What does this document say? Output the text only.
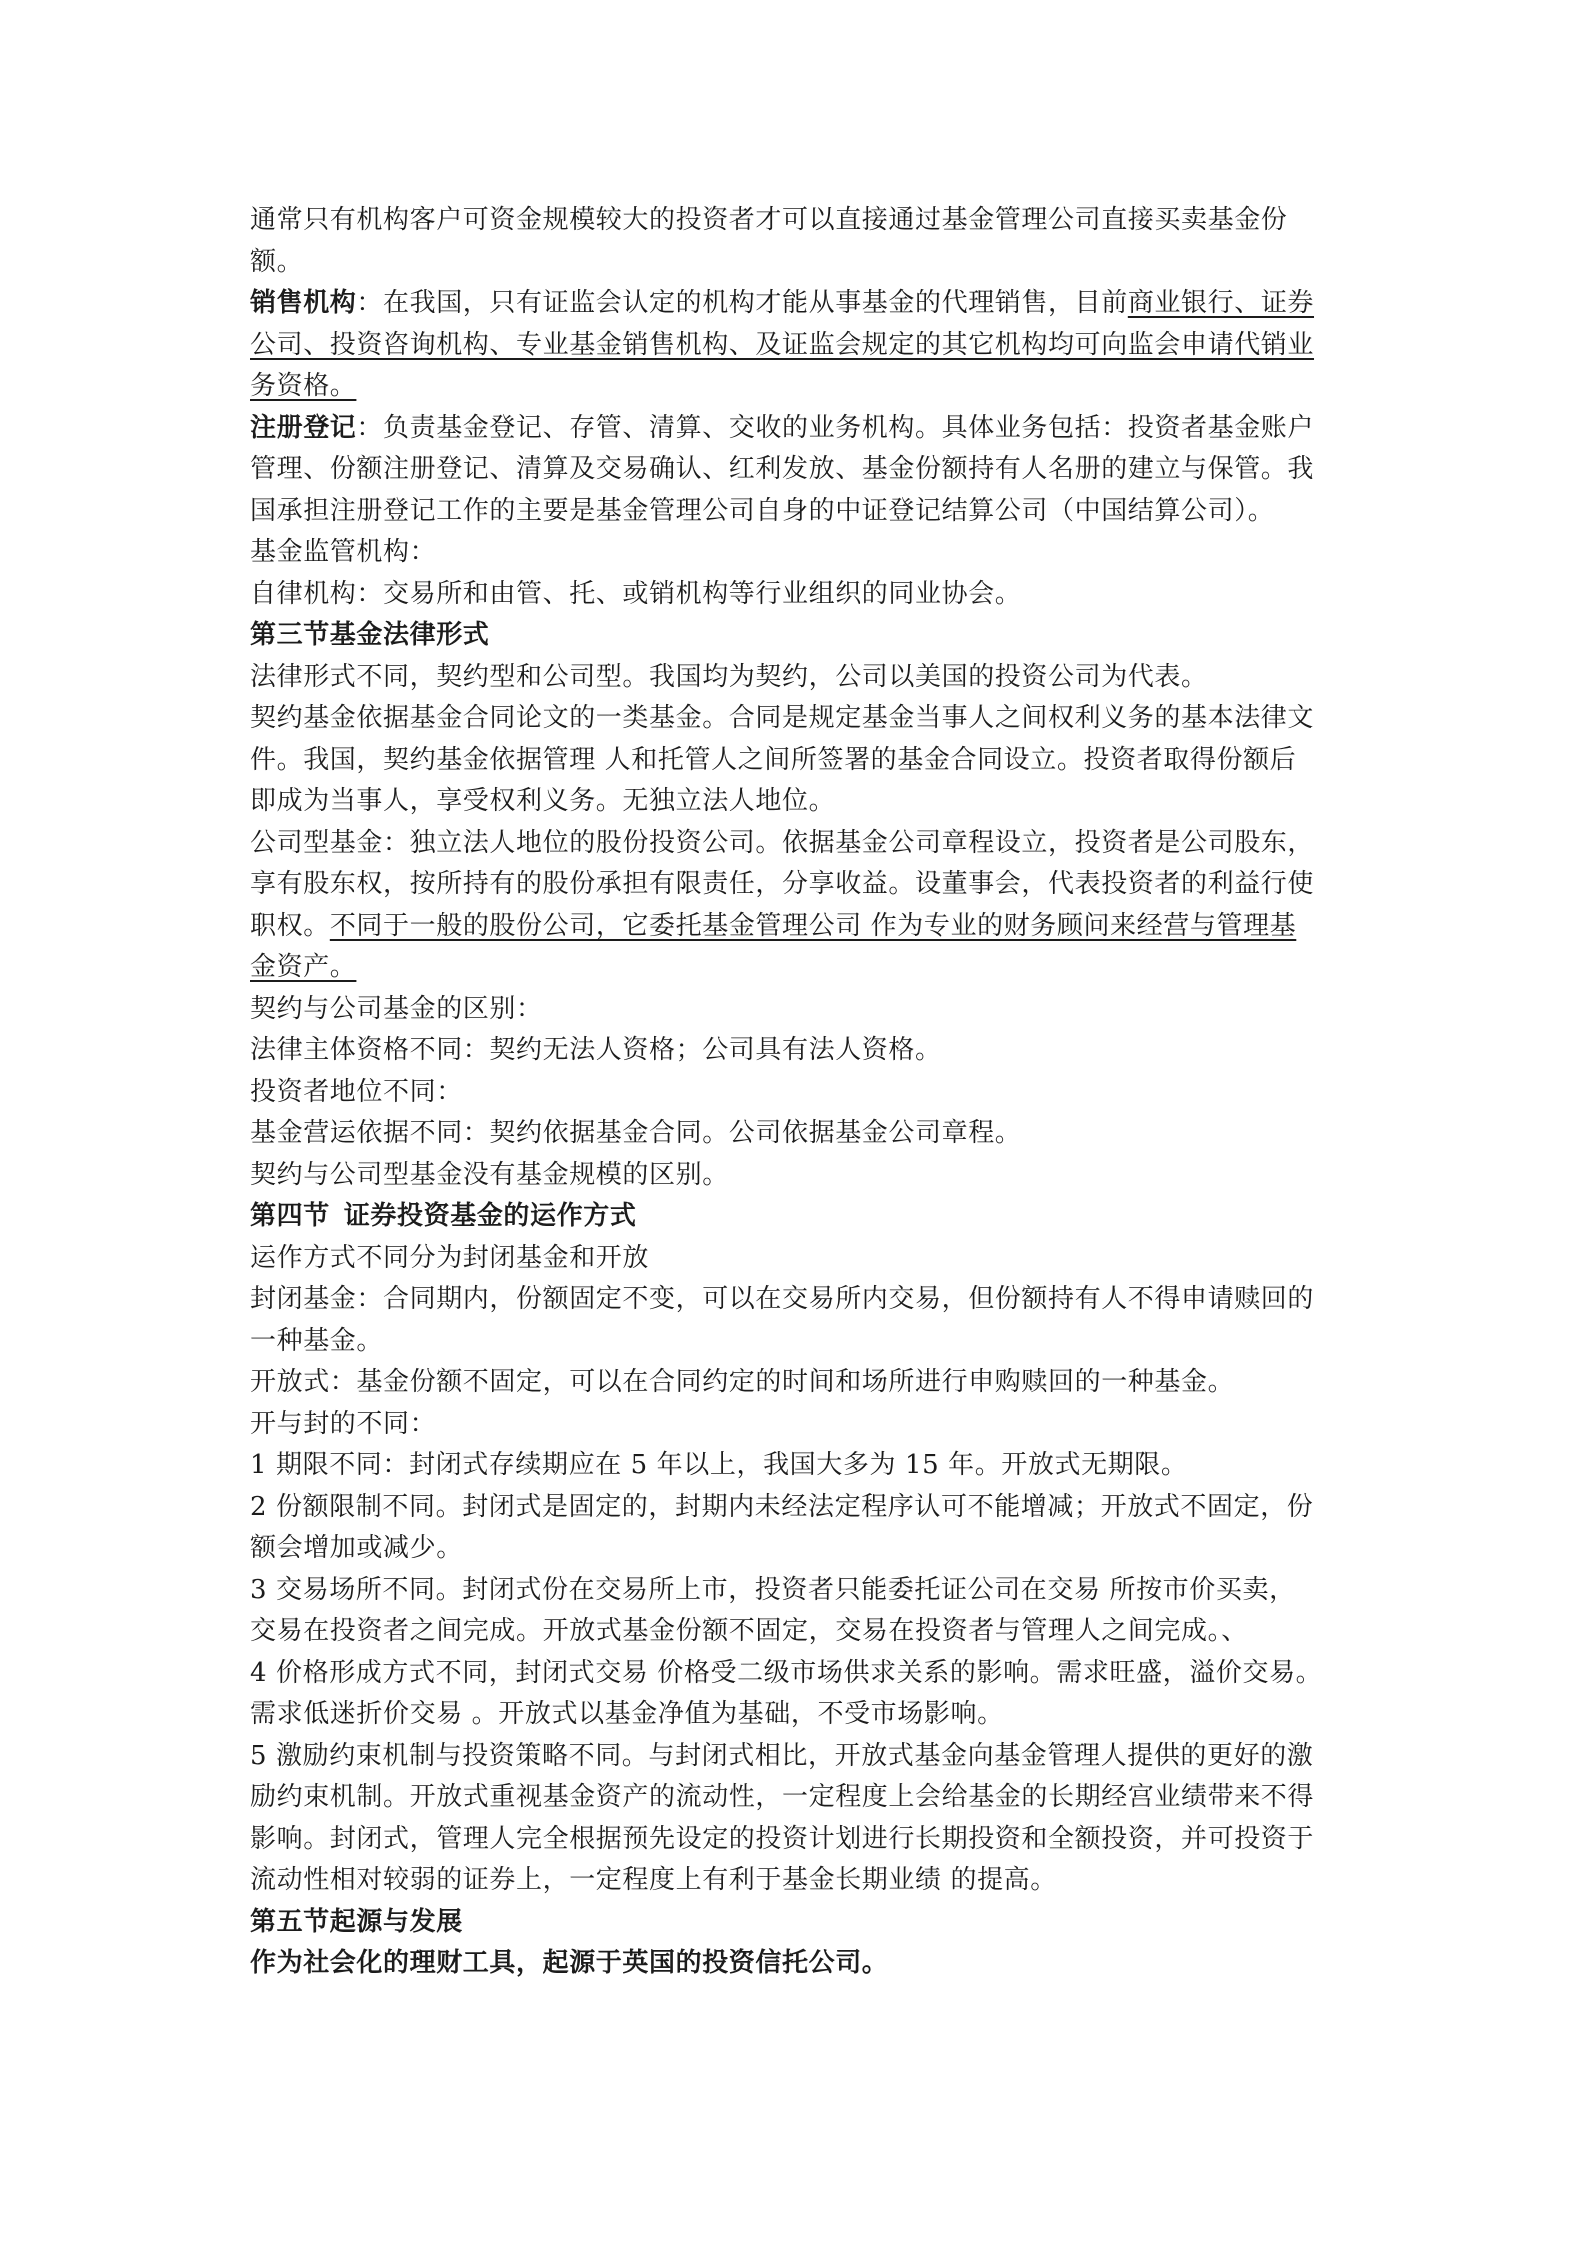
通常只有机构客户可资金规模较大的投资者才可以直接通过基金管理公司直接买卖基金份
额。
销售机构：在我国，只有证监会认定的机构才能从事基金的代理销售，目前商业银行、证券
公司、投资咨询机构、专业基金销售机构、及证监会规定的其它机构均可向监会申请代销业
务资格。
注册登记：负责基金登记、存管、清算、交收的业务机构。具体业务包括：投资者基金账户
管理、份额注册登记、清算及交易确认、红利发放、基金份额持有人名册的建立与保管。我
国承担注册登记工作的主要是基金管理公司自身的中证登记结算公司（中国结算公司）。
基金监管机构：
自律机构：交易所和由管、托、或销机构等行业组织的同业协会。
第三节基金法律形式
法律形式不同，契约型和公司型。我国均为契约，公司以美国的投资公司为代表。
契约基金依据基金合同论文的一类基金。合同是规定基金当事人之间权利义务的基本法律文
件。我国，契约基金依据管理 人和托管人之间所签署的基金合同设立。投资者取得份额后
即成为当事人，享受权利义务。无独立法人地位。
公司型基金：独立法人地位的股份投资公司。依据基金公司章程设立，投资者是公司股东，
享有股东权，按所持有的股份承担有限责任，分享收益。设董事会，代表投资者的利益行使
职权。不同于一般的股份公司，它委托基金管理公司 作为专业的财务顾问来经营与管理基
金资产。
契约与公司基金的区别：
法律主体资格不同：契约无法人资格；公司具有法人资格。
投资者地位不同：
基金营运依据不同：契约依据基金合同。公司依据基金公司章程。
契约与公司型基金没有基金规模的区别。
第四节 证券投资基金的运作方式
运作方式不同分为封闭基金和开放
封闭基金：合同期内，份额固定不变，可以在交易所内交易，但份额持有人不得申请赎回的
一种基金。
开放式：基金份额不固定，可以在合同约定的时间和场所进行申购赎回的一种基金。
开与封的不同：
1 期限不同：封闭式存续期应在 5 年以上，我国大多为 15 年。开放式无期限。
2 份额限制不同。封闭式是固定的，封期内未经法定程序认可不能增减；开放式不固定，份
额会增加或减少。
3 交易场所不同。封闭式份在交易所上市，投资者只能委托证公司在交易 所按市价买卖，
交易在投资者之间完成。开放式基金份额不固定，交易在投资者与管理人之间完成。、
4 价格形成方式不同，封闭式交易 价格受二级市场供求关系的影响。需求旺盛，溢价交易。
需求低迷折价交易 。开放式以基金净值为基础，不受市场影响。
5 激励约束机制与投资策略不同。与封闭式相比，开放式基金向基金管理人提供的更好的激
励约束机制。开放式重视基金资产的流动性，一定程度上会给基金的长期经宫业绩带来不得
影响。封闭式，管理人完全根据预先设定的投资计划进行长期投资和全额投资，并可投资于
流动性相对较弱的证券上，一定程度上有利于基金长期业绩 的提高。
第五节起源与发展
作为社会化的理财工具，起源于英国的投资信托公司。
